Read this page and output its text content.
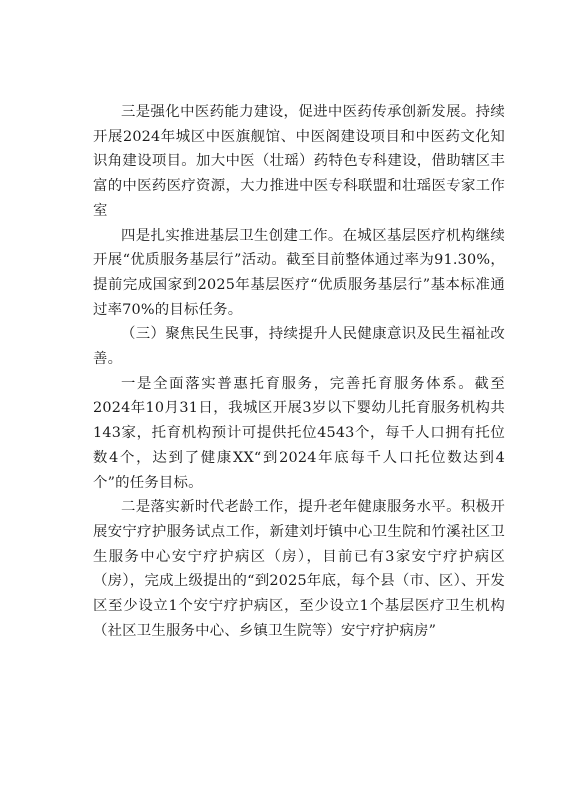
三是强化中医药能力建设，促进中医药传承创新发展。持续开展2024年城区中医旗舰馆、中医阁建设项目和中医药文化知识角建设项目。加大中医（壮瑶）药特色专科建设，借助辖区丰富的中医药医疗资源，大力推进中医专科联盟和壮瑶医专家工作室

四是扎实推进基层卫生创建工作。在城区基层医疗机构继续开展“优质服务基层行”活动。截至目前整体通过率为91.30%，提前完成国家到2025年基层医疗“优质服务基层行”基本标准通过率70%的目标任务。

（三）聚焦民生民事，持续提升人民健康意识及民生福祉改善。

一是全面落实普惠托育服务，完善托育服务体系。截至2024年10月31日，我城区开展3岁以下婴幼儿托育服务机构共143家，托育机构预计可提供托位4543个，每千人口拥有托位数4个，达到了健康XX“到2024年底每千人口托位数达到4个”的任务目标。

二是落实新时代老龄工作，提升老年健康服务水平。积极开展安宁疗护服务试点工作，新建刘圩镇中心卫生院和竹溪社区卫生服务中心安宁疗护病区（房），目前已有3家安宁疗护病区（房），完成上级提出的“到2025年底，每个县（市、区）、开发区至少设立1个安宁疗护病区，至少设立1个基层医疗卫生机构（社区卫生服务中心、乡镇卫生院等）安宁疗护病房”
